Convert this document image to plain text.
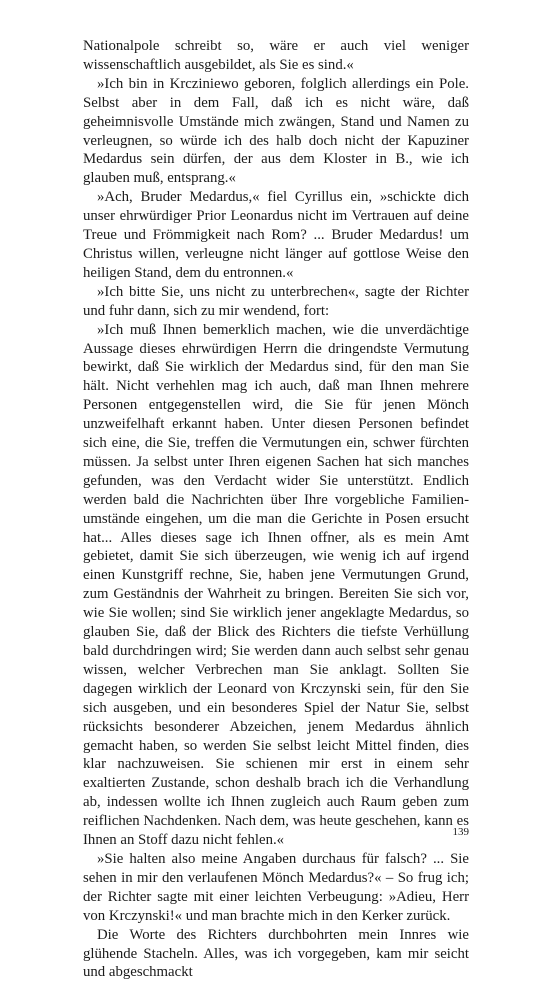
Nationalpole schreibt so, wäre er auch viel weniger wissenschaftlich ausgebildet, als Sie es sind.«

»Ich bin in Krcziniewo geboren, folglich allerdings ein Pole. Selbst aber in dem Fall, daß ich es nicht wäre, daß geheimnisvolle Umstände mich zwängen, Stand und Namen zu verleugnen, so würde ich des halb doch nicht der Kapuziner Medardus sein dürfen, der aus dem Kloster in B., wie ich glauben muß, entsprang.«

»Ach, Bruder Medardus,« fiel Cyrillus ein, »schickte dich unser ehrwürdiger Prior Leonardus nicht im Vertrauen auf deine Treue und Frömmigkeit nach Rom? ... Bruder Medardus! um Christus willen, verleugne nicht länger auf gottlose Weise den heiligen Stand, dem du entronnen.«

»Ich bitte Sie, uns nicht zu unterbrechen«, sagte der Richter und fuhr dann, sich zu mir wendend, fort:

»Ich muß Ihnen bemerklich machen, wie die unverdächtige Aussage dieses ehrwürdigen Herrn die dringendste Vermutung bewirkt, daß Sie wirklich der Medardus sind, für den man Sie hält. Nicht verhehlen mag ich auch, daß man Ihnen mehrere Personen entgegenstellen wird, die Sie für jenen Mönch unzweifelhaft erkannt haben. Unter diesen Personen befindet sich eine, die Sie, treffen die Vermutungen ein, schwer fürchten müssen. Ja selbst unter Ihren eigenen Sachen hat sich manches gefunden, was den Verdacht wider Sie unterstützt. Endlich werden bald die Nachrichten über Ihre vorgebliche Familienumstände eingehen, um die man die Gerichte in Posen ersucht hat... Alles dieses sage ich Ihnen offner, als es mein Amt gebietet, damit Sie sich überzeugen, wie wenig ich auf irgend einen Kunstgriff rechne, Sie, haben jene Vermutungen Grund, zum Geständnis der Wahrheit zu bringen. Bereiten Sie sich vor, wie Sie wollen; sind Sie wirklich jener angeklagte Medardus, so glauben Sie, daß der Blick des Richters die tiefste Verhüllung bald durchdringen wird; Sie werden dann auch selbst sehr genau wissen, welcher Verbrechen man Sie anklagt. Sollten Sie dagegen wirklich der Leonard von Krczynski sein, für den Sie sich ausgeben, und ein besonderes Spiel der Natur Sie, selbst rücksichts besonderer Abzeichen, jenem Medardus ähnlich gemacht haben, so werden Sie selbst leicht Mittel finden, dies klar nachzuweisen. Sie schienen mir erst in einem sehr exaltierten Zustande, schon deshalb brach ich die Verhandlung ab, indessen wollte ich Ihnen zugleich auch Raum geben zum reiflichen Nachdenken. Nach dem, was heute geschehen, kann es Ihnen an Stoff dazu nicht fehlen.«

»Sie halten also meine Angaben durchaus für falsch? ... Sie sehen in mir den verlaufenen Mönch Medardus?« – So frug ich; der Richter sagte mit einer leichten Verbeugung: »Adieu, Herr von Krczynski!« und man brachte mich in den Kerker zurück.

Die Worte des Richters durchbohrten mein Innres wie glühende Stacheln. Alles, was ich vorgegeben, kam mir seicht und abgeschmackt

139
